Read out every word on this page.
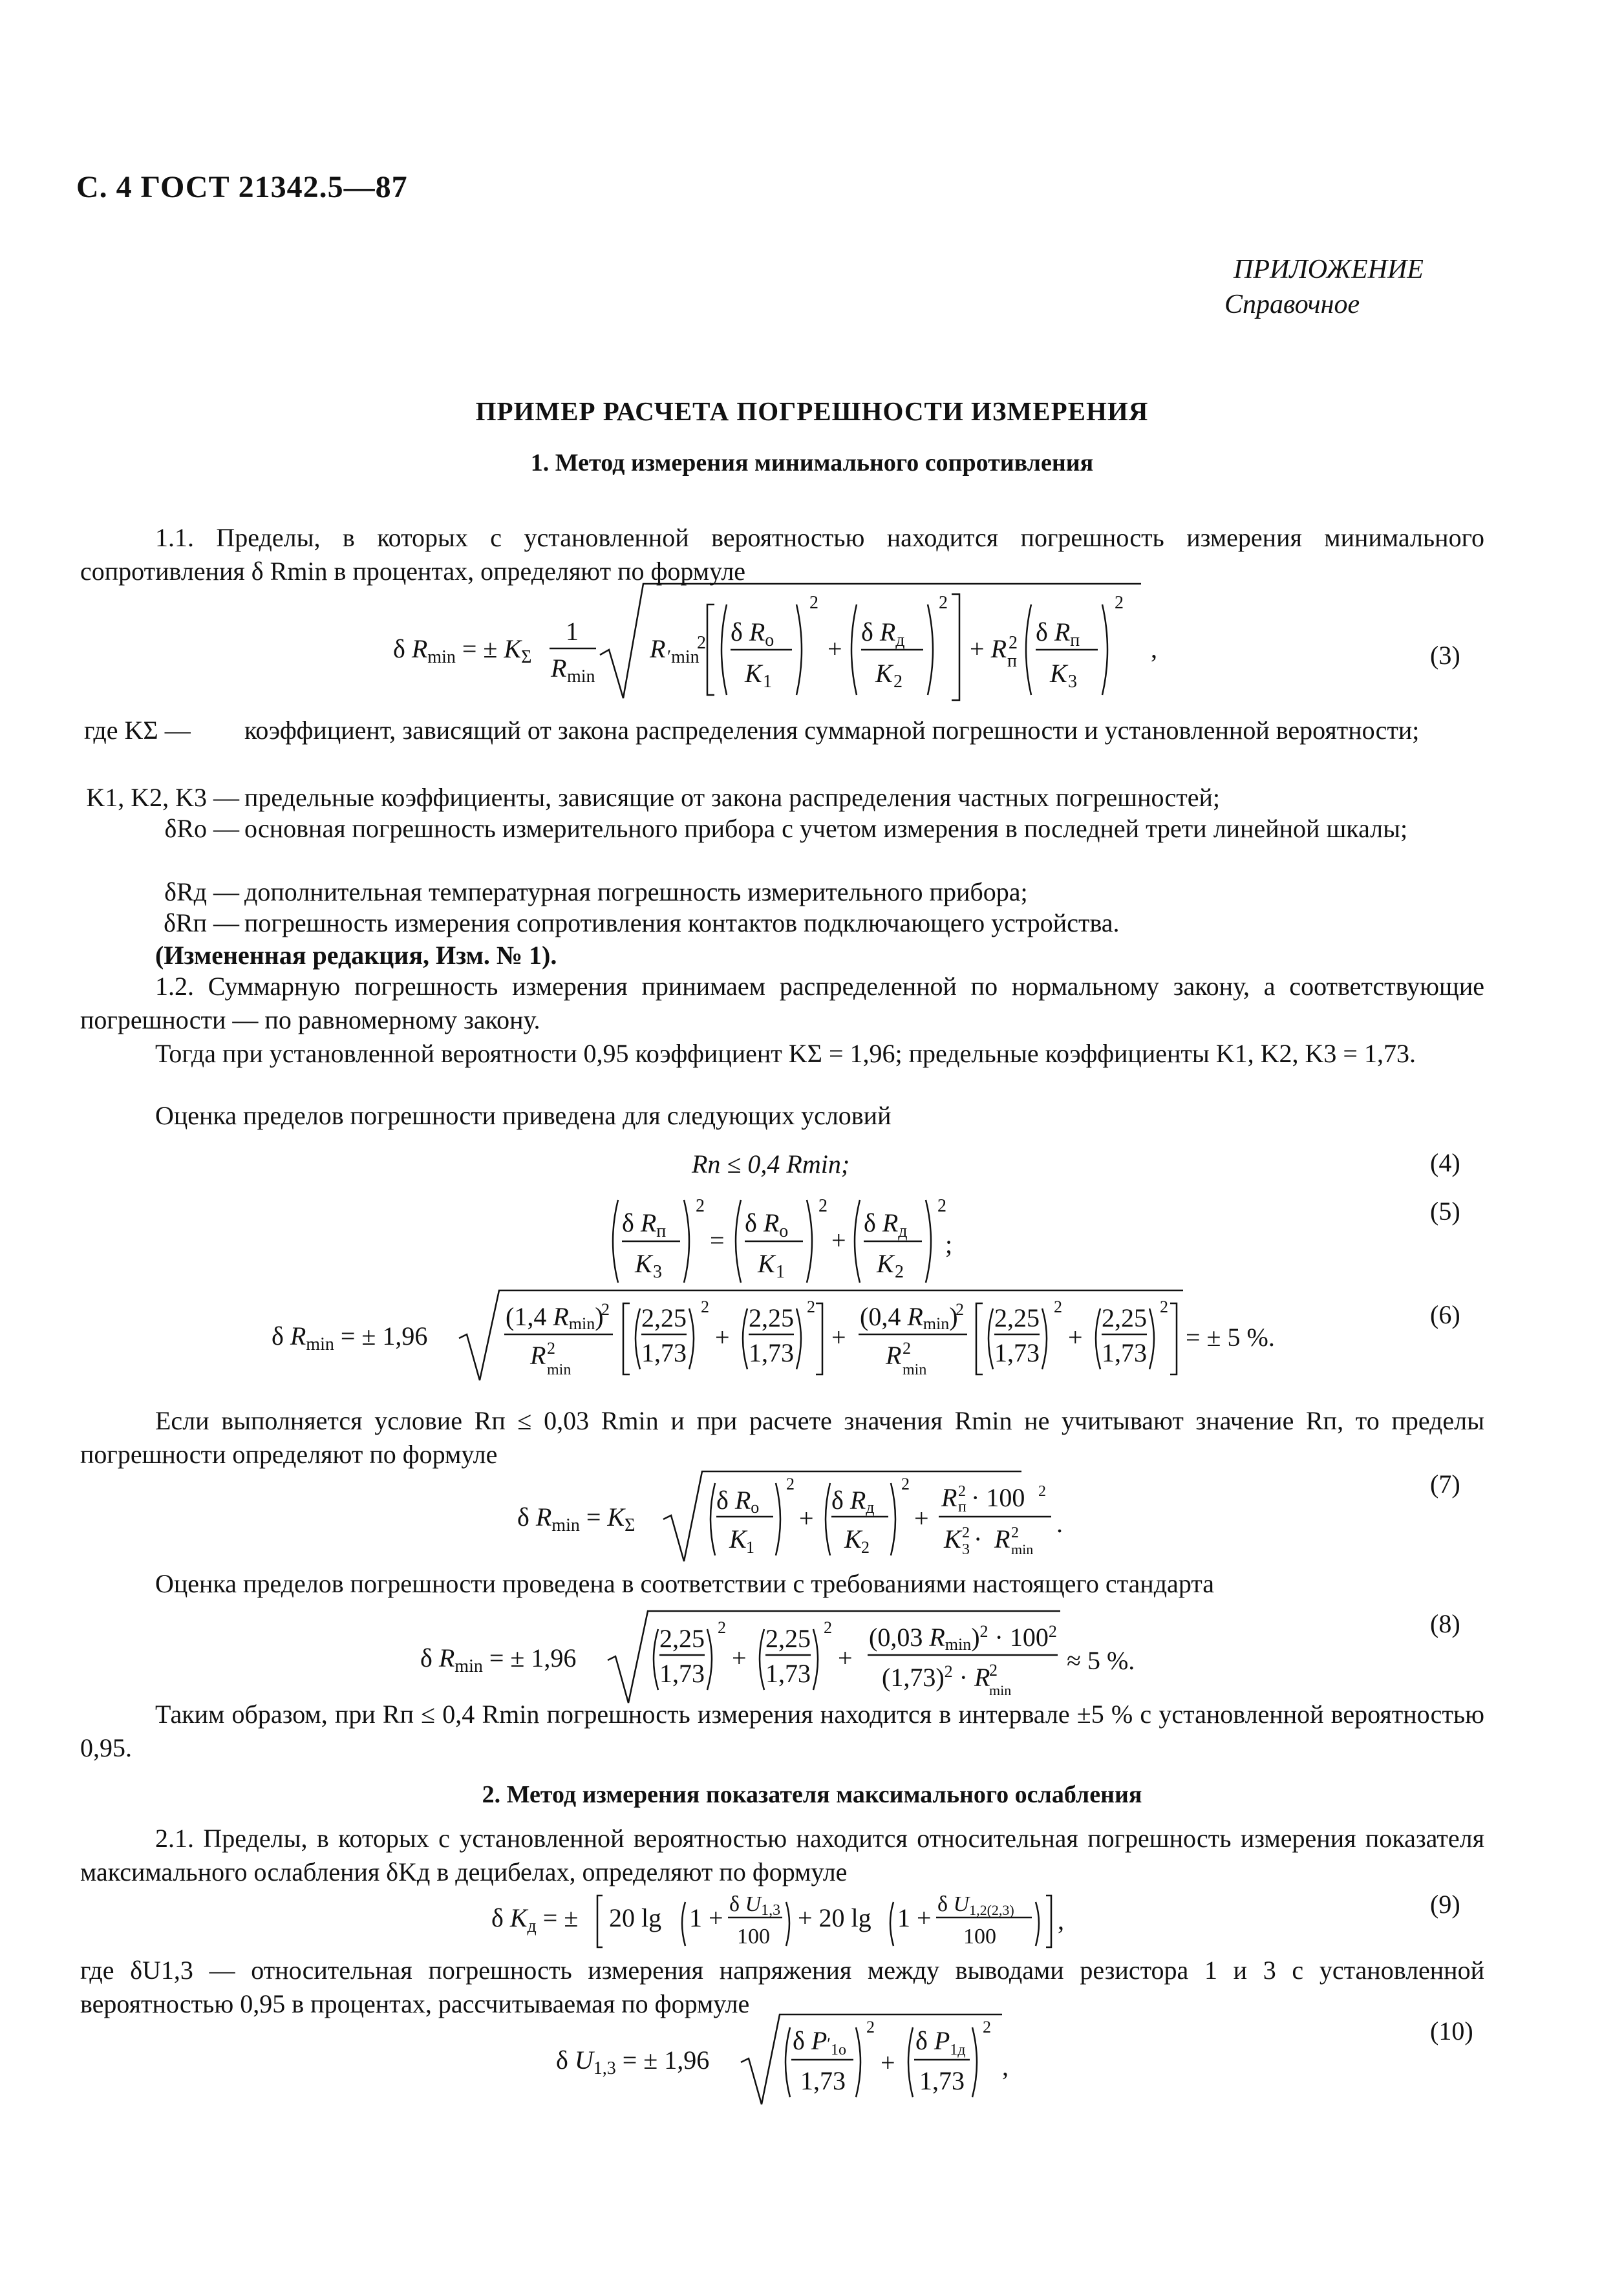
С. 4 ГОСТ 21342.5—87
ПРИЛОЖЕНИЕ
Справочное
ПРИМЕР РАСЧЕТА ПОГРЕШНОСТИ ИЗМЕРЕНИЯ
1. Метод измерения минимального сопротивления
1.1. Пределы, в которых с установленной вероятностью находится погрешность измерения минимального сопротивления δ Rmin в процентах, определяют по формуле
δ $R_{min}$ = ± $K_\Sigma$
1
R min
R ′min
2 δ $R_o$
K 1
2
+
δ $R_д$
K 2
2
+ R 2
п
δ $R_п$
K 3
2
,	(3)
где KΣ —	коэффициент, зависящий от закона распределения суммарной погрешности и установленной вероятности;
K1, K2, K3 — предельные коэффициенты, зависящие от закона распределения частных погрешностей;
δRo — основная погрешность измерительного прибора с учетом измерения в последней трети линейной шкалы;
δRд — дополнительная температурная погрешность измерительного прибора;
δRп — погрешность измерения сопротивления контактов подключающего устройства.
(Измененная редакция, Изм. № 1).
1.2. Суммарную погрешность измерения принимаем распределенной по нормальному закону, а соответствующие погрешности — по равномерному закону.
Тогда при установленной вероятности 0,95 коэффициент KΣ = 1,96; предельные коэффициенты K1, K2, K3 = 1,73.
Оценка пределов погрешности приведена для следующих условий
Rп ≤ 0,4 Rmin;	(4)
δ $R_п$
K 3
2
=
δ $R_o$
K 1
2
+
δ $R_д$
K 2
2
;
(5)
δ $R_{min}$ = ± 1,96
(1,4 Rmin)
2
R 2
min
2,25
1,73
2
+
2,25
1,73
2
+
(0,4 Rmin)
2
R 2
min
2,25
1,73
2
+
2,25
1,73
2
= ± 5 %.
(6)
Если выполняется условие Rп ≤ 0,03 Rmin и при расчете значения Rmin не учитывают значение Rп, то пределы погрешности определяют по формуле
δ $R_{min} = K_\Sigma$
δ Ro
K 1
2
+
δ Rд
K 2
2
+
R 2
п · 100 2
K 2
3 · R 2
min
.
(7)
Оценка пределов погрешности проведена в соответствии с требованиями настоящего стандарта
δ $R_{min}$ = ± 1,96
2,25
1,73
2
+
2,25
1,73
2
+
(0,03 $Rmin)^2 \cdot 100^2$
$(1,73)^2 \cdot R$
2
min
≈ 5 %.
(8)
Таким образом, при Rп ≤ 0,4 Rmin погрешность измерения находится в интервале ±5 % с установленной вероятностью 0,95.
2. Метод измерения показателя максимального ослабления
2.1. Пределы, в которых с установленной вероятностью находится относительная погрешность измерения показателя максимального ослабления δKд в децибелах, определяют по формуле
δ $K_д$ = ± 20 lg 1 + δ U1,3
100
+ 20 lg 1 + δ U1,2(2,3)
100
,
(9)
где δU1,3 — относительная погрешность измерения напряжения между выводами резистора 1 и 3 с установленной вероятностью 0,95 в процентах, рассчитываемая по формуле
δ $U_{1,3}$ = ± 1,96
δ $P'_{1o}$
1,73
2
+
δ $P_{1д}$
1,73
2
,
(10)
